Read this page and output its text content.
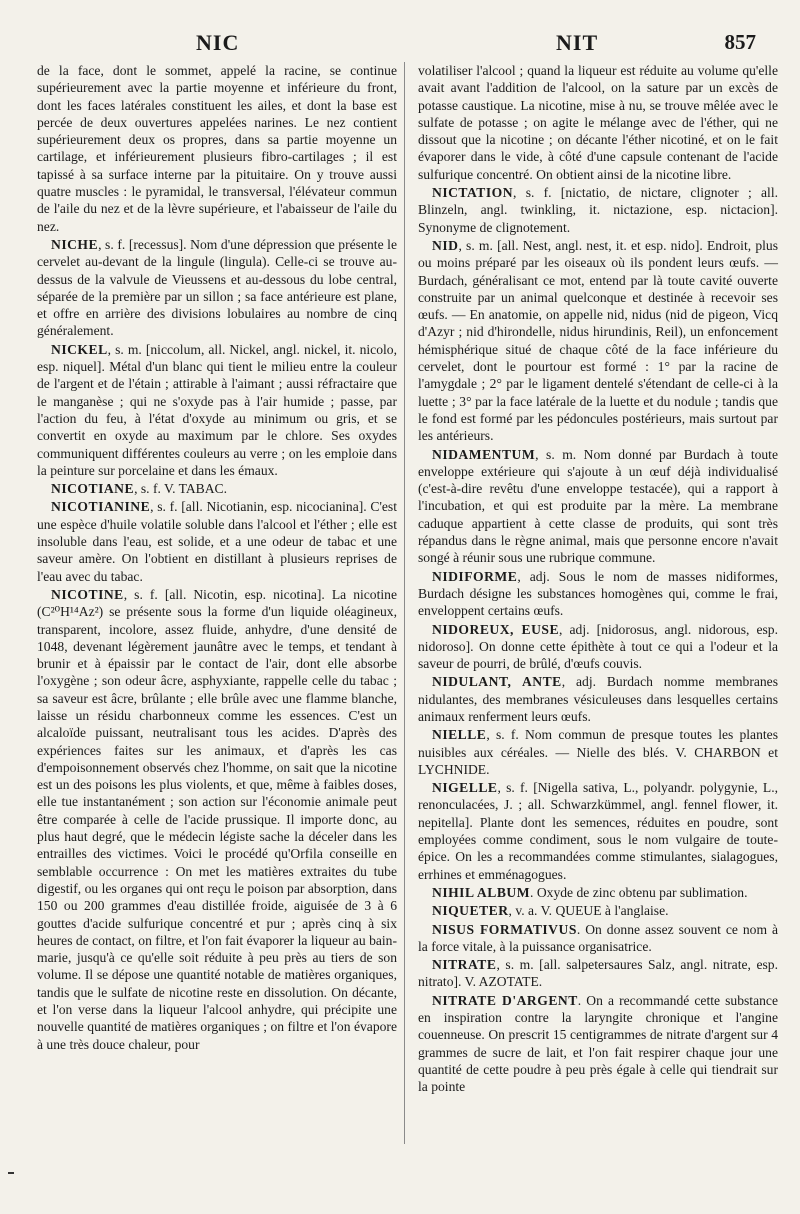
NIC	NIT	857

de la face, dont le sommet, appelé la racine, se continue supérieurement avec la partie moyenne et inférieure du front, dont les faces latérales constituent les ailes, et dont la base est percée de deux ouvertures appelées narines. Le nez contient supérieurement deux os propres, dans sa partie moyenne un cartilage, et inférieurement plusieurs fibro-cartilages ; il est tapissé à sa surface interne par la pituitaire. On y trouve aussi quatre muscles : le pyramidal, le transversal, l'élévateur commun de l'aile du nez et de la lèvre supérieure, et l'abaisseur de l'aile du nez.

NICHE, s. f. [recessus]. Nom d'une dépression que présente le cervelet au-devant de la lingule (lingula). Celle-ci se trouve au-dessus de la valvule de Vieussens et au-dessous du lobe central, séparée de la première par un sillon ; sa face antérieure est plane, et offre en arrière des divisions lobulaires au nombre de cinq généralement.

NICKEL, s. m. [niccolum, all. Nickel, angl. nickel, it. nicolo, esp. niquel]. Métal d'un blanc qui tient le milieu entre la couleur de l'argent et de l'étain ; attirable à l'aimant ; aussi réfractaire que le manganèse ; qui ne s'oxyde pas à l'air humide ; passe, par l'action du feu, à l'état d'oxyde au minimum ou gris, et se convertit en oxyde au maximum par le chlore. Ses oxydes communiquent différentes couleurs au verre ; on les emploie dans la peinture sur porcelaine et dans les émaux.

NICOTIANE, s. f. V. TABAC.

NICOTIANINE, s. f. [all. Nicotianin, esp. nicocianina]. C'est une espèce d'huile volatile soluble dans l'alcool et l'éther ; elle est insoluble dans l'eau, est solide, et a une odeur de tabac et une saveur amère. On l'obtient en distillant à plusieurs reprises de l'eau avec du tabac.

NICOTINE, s. f. [all. Nicotin, esp. nicotina]. La nicotine (C²⁰H¹⁴Az²) se présente sous la forme d'un liquide oléagineux, transparent, incolore, assez fluide, anhydre, d'une densité de 1048, devenant légèrement jaunâtre avec le temps, et tendant à brunir et à épaissir par le contact de l'air, dont elle absorbe l'oxygène ; son odeur âcre, asphyxiante, rappelle celle du tabac ; sa saveur est âcre, brûlante ; elle brûle avec une flamme blanche, laisse un résidu charbonneux comme les essences. C'est un alcaloïde puissant, neutralisant tous les acides. D'après des expériences faites sur les animaux, et d'après les cas d'empoisonnement observés chez l'homme, on sait que la nicotine est un des poisons les plus violents, et que, même à faibles doses, elle tue instantanément ; son action sur l'économie animale peut être comparée à celle de l'acide prussique. Il importe donc, au plus haut degré, que le médecin légiste sache la déceler dans les entrailles des victimes. Voici le procédé qu'Orfila conseille en semblable occurrence : On met les matières extraites du tube digestif, ou les organes qui ont reçu le poison par absorption, dans 150 ou 200 grammes d'eau distillée froide, aiguisée de 3 à 6 gouttes d'acide sulfurique concentré et pur ; après cinq à six heures de contact, on filtre, et l'on fait évaporer la liqueur au bain-marie, jusqu'à ce qu'elle soit réduite à peu près au tiers de son volume. Il se dépose une quantité notable de matières organiques, tandis que le sulfate de nicotine reste en dissolution. On décante, et l'on verse dans la liqueur l'alcool anhydre, qui précipite une nouvelle quantité de matières organiques ; on filtre et l'on évapore à une très douce chaleur, pour

volatiliser l'alcool ; quand la liqueur est réduite au volume qu'elle avait avant l'addition de l'alcool, on la sature par un excès de potasse caustique. La nicotine, mise à nu, se trouve mêlée avec le sulfate de potasse ; on agite le mélange avec de l'éther, qui ne dissout que la nicotine ; on décante l'éther nicotiné, et on le fait évaporer dans le vide, à côté d'une capsule contenant de l'acide sulfurique concentré. On obtient ainsi de la nicotine libre.

NICTATION, s. f. [nictatio, de nictare, clignoter ; all. Blinzeln, angl. twinkling, it. nictazione, esp. nictacion]. Synonyme de clignotement.

NID, s. m. [all. Nest, angl. nest, it. et esp. nido]. Endroit, plus ou moins préparé par les oiseaux où ils pondent leurs œufs. — Burdach, généralisant ce mot, entend par là toute cavité ouverte construite par un animal quelconque et destinée à recevoir ses œufs. — En anatomie, on appelle nid, nidus (nid de pigeon, Vicq d'Azyr ; nid d'hirondelle, nidus hirundinis, Reil), un enfoncement hémisphérique situé de chaque côté de la face inférieure du cervelet, dont le pourtour est formé : 1° par la racine de l'amygdale ; 2° par le ligament dentelé s'étendant de celle-ci à la luette ; 3° par la face latérale de la luette et du nodule ; tandis que le fond est formé par les pédoncules postérieurs, mais surtout par les antérieurs.

NIDAMENTUM, s. m. Nom donné par Burdach à toute enveloppe extérieure qui s'ajoute à un œuf déjà individualisé (c'est-à-dire revêtu d'une enveloppe testacée), qui a rapport à l'incubation, et qui est produite par la mère. La membrane caduque appartient à cette classe de produits, qui sont très répandus dans le règne animal, mais que personne encore n'avait songé à réunir sous une rubrique commune.

NIDIFORME, adj. Sous le nom de masses nidiformes, Burdach désigne les substances homogènes qui, comme le frai, enveloppent certains œufs.

NIDOREUX, EUSE, adj. [nidorosus, angl. nidorous, esp. nidoroso]. On donne cette épithète à tout ce qui a l'odeur et la saveur de pourri, de brûlé, d'œufs couvis.

NIDULANT, ANTE, adj. Burdach nomme membranes nidulantes, des membranes vésiculeuses dans lesquelles certains animaux renferment leurs œufs.

NIELLE, s. f. Nom commun de presque toutes les plantes nuisibles aux céréales. — Nielle des blés. V. CHARBON et LYCHNIDE.

NIGELLE, s. f. [Nigella sativa, L., polyandr. polygynie, L., renonculacées, J. ; all. Schwarzkümmel, angl. fennel flower, it. nepitella]. Plante dont les semences, réduites en poudre, sont employées comme condiment, sous le nom vulgaire de toute-épice. On les a recommandées comme stimulantes, sialagogues, errhines et emménagogues.

NIHIL ALBUM. Oxyde de zinc obtenu par sublimation.

NIQUETER, v. a. V. QUEUE à l'anglaise.

NISUS FORMATIVUS. On donne assez souvent ce nom à la force vitale, à la puissance organisatrice.

NITRATE, s. m. [all. salpetersaures Salz, angl. nitrate, esp. nitrato]. V. AZOTATE.

NITRATE D'ARGENT. On a recommandé cette substance en inspiration contre la laryngite chronique et l'angine couenneuse. On prescrit 15 centigrammes de nitrate d'argent sur 4 grammes de sucre de lait, et l'on fait respirer chaque jour une quantité de cette poudre à peu près égale à celle qui tiendrait sur la pointe
